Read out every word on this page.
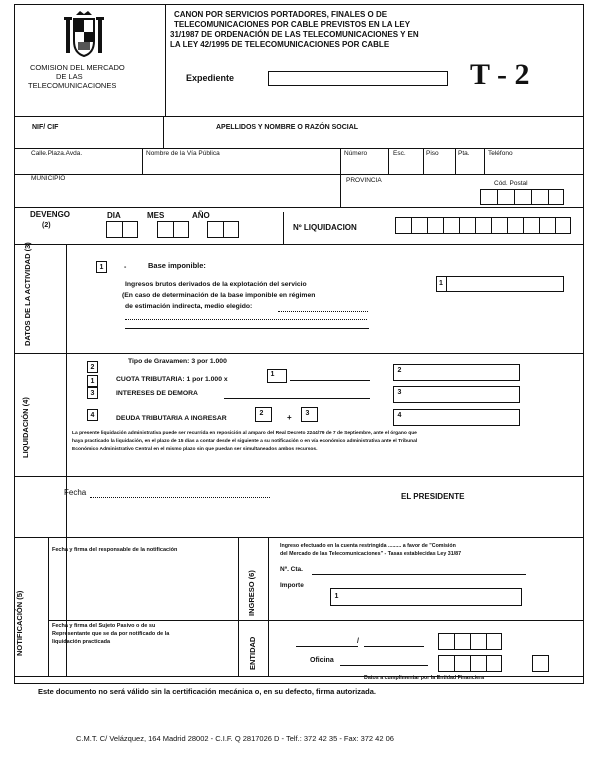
COMISION DEL MERCADO
DE LAS
TELECOMUNICACIONES
CANON POR SERVICIOS PORTADORES, FINALES O DE
TELECOMUNICACIONES POR CABLE PREVISTOS EN LA LEY
31/1987 DE ORDENACIÓN DE LAS TELECOMUNICACIONES Y EN
LA LEY 42/1995 DE TELECOMUNICACIONES POR CABLE
Expediente	T - 2
NIF/ CIF	APELLIDOS Y NOMBRE O RAZÓN SOCIAL
Calle.Plaza.Avda.	Nombre de la Vía Pública	Número	Esc.	Piso	Pta.	Teléfono
MUNICIPIO	PROVINCIA	Cód. Postal
DEVENGO
(2)
DIA	MES	AÑO
Nº LIQUIDACION
DATOS DE LA ACTIVIDAD (3)	1	-	Base imponible:
Ingresos brutos derivados de la explotación del servicio
(En caso de determinación de la base imponible en régimen
de estimación indirecta, medio elegido:
1
LIQUIDACIÓN (4)
2
Tipo de Gravamen: 3 por 1.000
1	CUOTA TRIBUTARIA: 1 por 1.000 x
1
3	INTERESES DE DEMORA
4	DEUDA TRIBUTARIA A INGRESAR
2	+	3
2
3
4
La presente liquidación administrativa puede ser recurrida en reposición al amparo del Real Decreto 2244/79 de 7 de Septiembre, ante el órgano que
haya practicado la liquidación, en el plazo de 15 días a contar desde el siguiente a su notificación o en vía económico administrativa ante el Tribunal
Económico Administrativo Central en el mismo plazo sin que puedan ser simultaneados ambos recursos.
Fecha	EL PRESIDENTE
NOTIFICACIÓN (5)
Fecha y firma del responsable de la notificación
Fecha y firma del Sujeto Pasivo o de su
Representante que se da por notificado de la
liquidación practicada
INGRESO (6)
Ingreso efectuado en la cuenta restringida ......... a favor de "Comisión
del Mercado de las Telecomunicaciones" - Tasas establecidas Ley 31/87
Nº. Cta.
Importe
1
ENTIDAD	/
Oficina
Datos a cumplimentar por la Entidad Financiera
Este documento no será válido sin la certificación mecánica o, en su defecto, firma autorizada.
C.M.T. C/ Velázquez, 164 Madrid 28002 - C.I.F. Q 2817026 D - Telf.: 372 42 35 - Fax: 372 42 06
